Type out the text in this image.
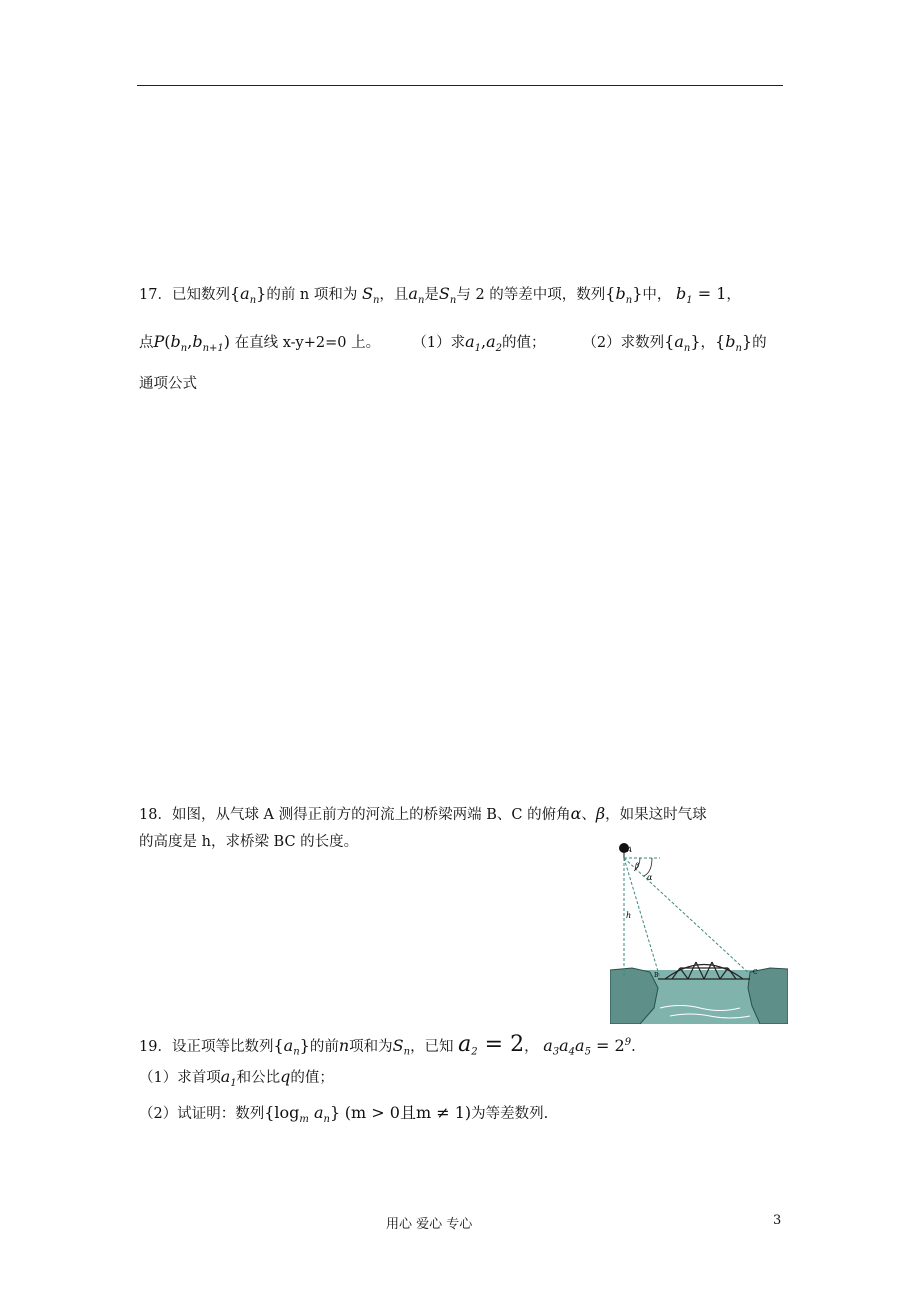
17．已知数列$\{a_n\}$的前 n 项和为 $S_n$，且$a_n$是$S_n$与 2 的等差中项，数列$\{b_n\}$中， $b_1 = 1$，
点$P(b_n,b_{n+1})$ 在直线 x-y+2=0 上。 （1）求$a_1,a_2$的值；	（2）求数列$\{a_n\}$，$\{b_n\}$的
通项公式
18．如图，从气球 A 测得正前方的河流上的桥梁两端 B、C 的俯角α、β，如果这时气球
的高度是 h，求桥梁 BC 的长度。	A
β
α
h
B	C
19．设正项等比数列$\{a_n\}$的前n项和为$S_n$，已知 $a_2 = 2$， $a_3a_4a_5 = 2^9$.
（1）求首项$a_1$和公比q的值；
（2）试证明：数列{$\log_m$ $a_n$} (m > 0且m ≠ 1)为等差数列.
用心 爱心 专心	3
